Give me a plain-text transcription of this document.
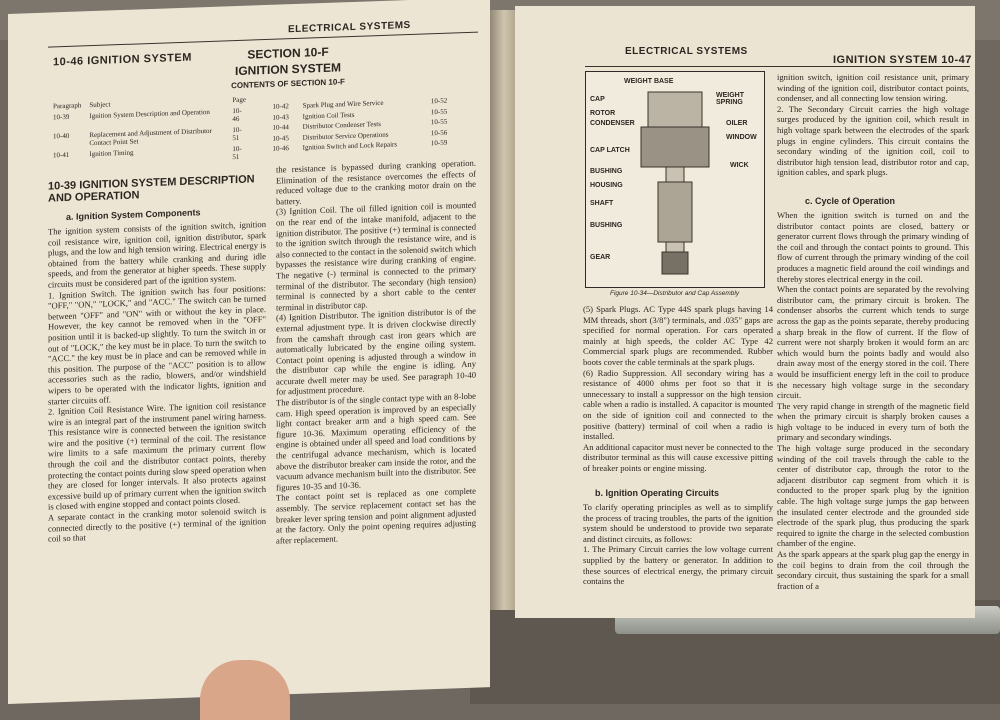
ELECTRICAL SYSTEMS
10-46 IGNITION SYSTEM	SECTION 10-F
IGNITION SYSTEM
CONTENTS OF SECTION 10-F
Paragraph	Subject	Page
10-39	Ignition System Description and Operation	10-46
10-40	Replacement and Adjustment of Distributor Contact Point Set	10-51
10-41	Ignition Timing	10-51
	10-42	Spark Plug and Wire Service	10-52
	10-43	Ignition Coil Tests	10-55
	10-44	Distributor Condenser Tests	10-55
	10-45	Distributor Service Operations	10-56
	10-46	Ignition Switch and Lock Repairs	10-59
10-39 IGNITION SYSTEM DESCRIPTION AND OPERATION
a. Ignition System Components
The ignition system consists of the ignition switch, ignition coil resistance wire, ignition coil, ignition distributor, spark plugs, and the low and high tension wiring. Electrical energy is obtained from the battery while cranking and during idle speeds, and from the generator at higher speeds. These supply circuits must be considered part of the ignition system.
1. Ignition Switch. The ignition switch has four positions: "OFF," "ON," "LOCK," and "ACC." The switch can be turned between "OFF" and "ON" with or without the key in place. However, the key cannot be removed when in the "OFF" position until it is backed-up slightly. To turn the switch in or out of "LOCK," the key must be in place. To turn the switch to "ACC." the key must be in place and can be removed while in this position. The purpose of the "ACC" position is to allow accessories such as the radio, blowers, and/or windshield wipers to be operated with the indicator lights, ignition and starter circuits off.
2. Ignition Coil Resistance Wire. The ignition coil resistance wire is an integral part of the instrument panel wiring harness. This resistance wire is connected between the ignition switch wire and the positive (+) terminal of the coil. The resistance wire limits to a safe maximum the primary current flow through the coil and the distributor contact points, thereby protecting the contact points during slow speed operation when they are closed for longer intervals. It also protects against excessive build up of primary current when the ignition switch is closed with engine stopped and contact points closed.
A separate contact in the cranking motor solenoid switch is connected directly to the positive (+) terminal of the ignition coil so that
the resistance is bypassed during cranking operation. Elimination of the resistance overcomes the effects of reduced voltage due to the cranking motor drain on the battery.
(3) Ignition Coil. The oil filled ignition coil is mounted on the rear end of the intake manifold, adjacent to the ignition distributor. The positive (+) terminal is connected to the ignition switch through the resistance wire, and is also connected to the contact in the solenoid switch which bypasses the resistance wire during cranking of engine. The negative (-) terminal is connected to the primary terminal of the distributor. The secondary (high tension) terminal is connected by a short cable to the center terminal in distributor cap.
(4) Ignition Distributor. The ignition distributor is of the external adjustment type. It is driven clockwise directly from the camshaft through cast iron gears which are automatically lubricated by the engine oiling system. Contact point opening is adjusted through a window in the distributor cap while the engine is idling. Any accurate dwell meter may be used. See paragraph 10-40 for adjustment procedure.
The distributor is of the single contact type with an 8-lobe cam. High speed operation is improved by an especially light contact breaker arm and a high speed cam. See figure 10-36. Maximum operating efficiency of the engine is obtained under all speed and load conditions by the centrifugal advance mechanism, which is located above the distributor breaker cam inside the rotor, and the vacuum advance mechanism built into the distributor. See figures 10-35 and 10-36.
The contact point set is replaced as one complete assembly. The service replacement contact set has the breaker lever spring tension and point alignment adjusted at the factory. Only the point opening requires adjusting after replacement.
ELECTRICAL SYSTEMS
IGNITION SYSTEM 10-47
WEIGHT BASE
CAP
ROTOR
CONDENSER
WEIGHT SPRING
OILER
WINDOW
CAP LATCH
BUSHING
WICK
HOUSING
SHAFT
BUSHING
GEAR
Figure 10-34—Distributor and Cap Assembly
(5) Spark Plugs. AC Type 44S spark plugs having 14 MM threads, short (3/8") terminals, and .035" gaps are specified for normal operation. For cars operated mainly at high speeds, the colder AC Type 42 Commercial spark plugs are recommended. Rubber boots cover the cable terminals at the spark plugs.
(6) Radio Suppression. All secondary wiring has a resistance of 4000 ohms per foot so that it is unnecessary to install a suppressor on the high tension cable when a radio is installed. A capacitor is mounted on the side of ignition coil and connected to the positive (battery) terminal of coil when a radio is installed.
An additional capacitor must never be connected to the distributor terminal as this will cause excessive pitting of breaker points or engine missing.
b. Ignition Operating Circuits
To clarify operating principles as well as to simplify the process of tracing troubles, the parts of the ignition system should be understood to provide two separate and distinct circuits, as follows:
1. The Primary Circuit carries the low voltage current supplied by the battery or generator. In addition to these sources of electrical energy, the primary circuit contains the
ignition switch, ignition coil resistance unit, primary winding of the ignition coil, distributor contact points, condenser, and all connecting low tension wiring.
2. The Secondary Circuit carries the high voltage surges produced by the ignition coil, which result in high voltage spark between the electrodes of the spark plugs in engine cylinders. This circuit contains the secondary winding of the ignition coil, coil to distributor high tension lead, distributor rotor and cap, ignition cables, and spark plugs.
c. Cycle of Operation
When the ignition switch is turned on and the distributor contact points are closed, battery or generator current flows through the primary winding of the coil and through the contact points to ground. This flow of current through the primary winding of the coil produces a magnetic field around the coil windings and thereby stores electrical energy in the coil.
When the contact points are separated by the revolving distributor cam, the primary circuit is broken. The condenser absorbs the current which tends to surge across the gap as the points separate, thereby producing a sharp break in the flow of current. If the flow of current were not sharply broken it would form an arc which would burn the points badly and would also drain away most of the energy stored in the coil. There would be insufficient energy left in the coil to produce the necessary high voltage surge in the secondary circuit.
The very rapid change in strength of the magnetic field when the primary circuit is sharply broken causes a high voltage to be induced in every turn of both the primary and secondary windings.
The high voltage surge produced in the secondary winding of the coil travels through the cable to the center of distributor cap, through the rotor to the adjacent distributor cap segment from which it is conducted to the proper spark plug by the ignition cable. The high voltage surge jumps the gap between the insulated center electrode and the grounded side electrode of the spark plug, thus producing the spark required to ignite the charge in the selected combustion chamber of the engine.
As the spark appears at the spark plug gap the energy in the coil begins to drain from the coil through the secondary circuit, thus sustaining the spark for a small fraction of a
